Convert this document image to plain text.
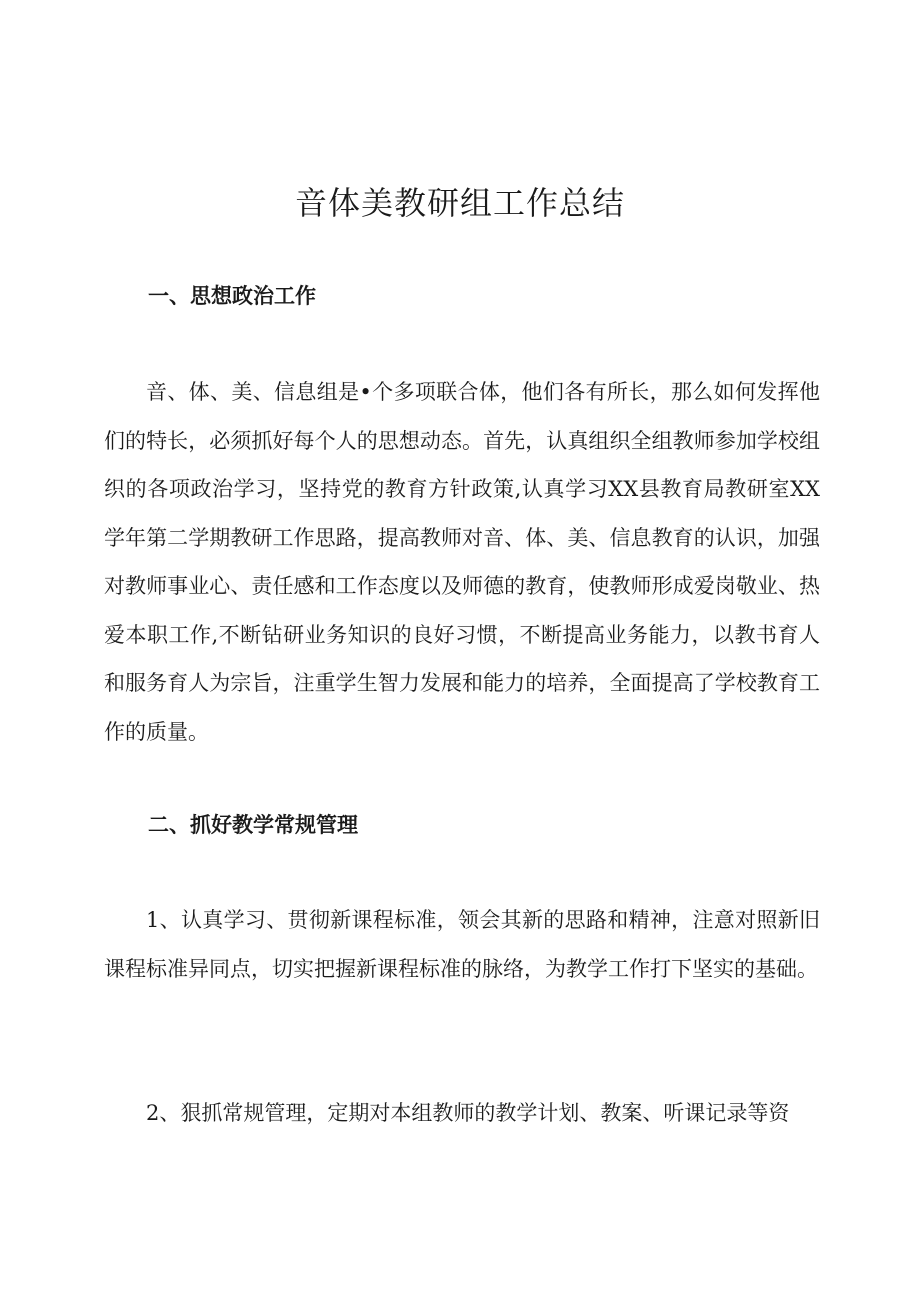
音体美教研组工作总结
一、思想政治工作

音、体、美、信息组是•个多项联合体，他们各有所长，那么如何发挥他们的特长，必须抓好每个人的思想动态。首先，认真组织全组教师参加学校组织的各项政治学习，坚持党的教育方针政策,认真学习XX县教育局教研室XX学年第二学期教研工作思路，提高教师对音、体、美、信息教育的认识，加强对教师事业心、责任感和工作态度以及师德的教育，使教师形成爱岗敬业、热爱本职工作,不断钻研业务知识的良好习惯，不断提高业务能力，以教书育人和服务育人为宗旨，注重学生智力发展和能力的培养，全面提高了学校教育工作的质量。

二、抓好教学常规管理

1、认真学习、贯彻新课程标准，领会其新的思路和精神，注意对照新旧课程标准异同点，切实把握新课程标准的脉络，为教学工作打下坚实的基础。

2、狠抓常规管理，定期对本组教师的教学计划、教案、听课记录等资
